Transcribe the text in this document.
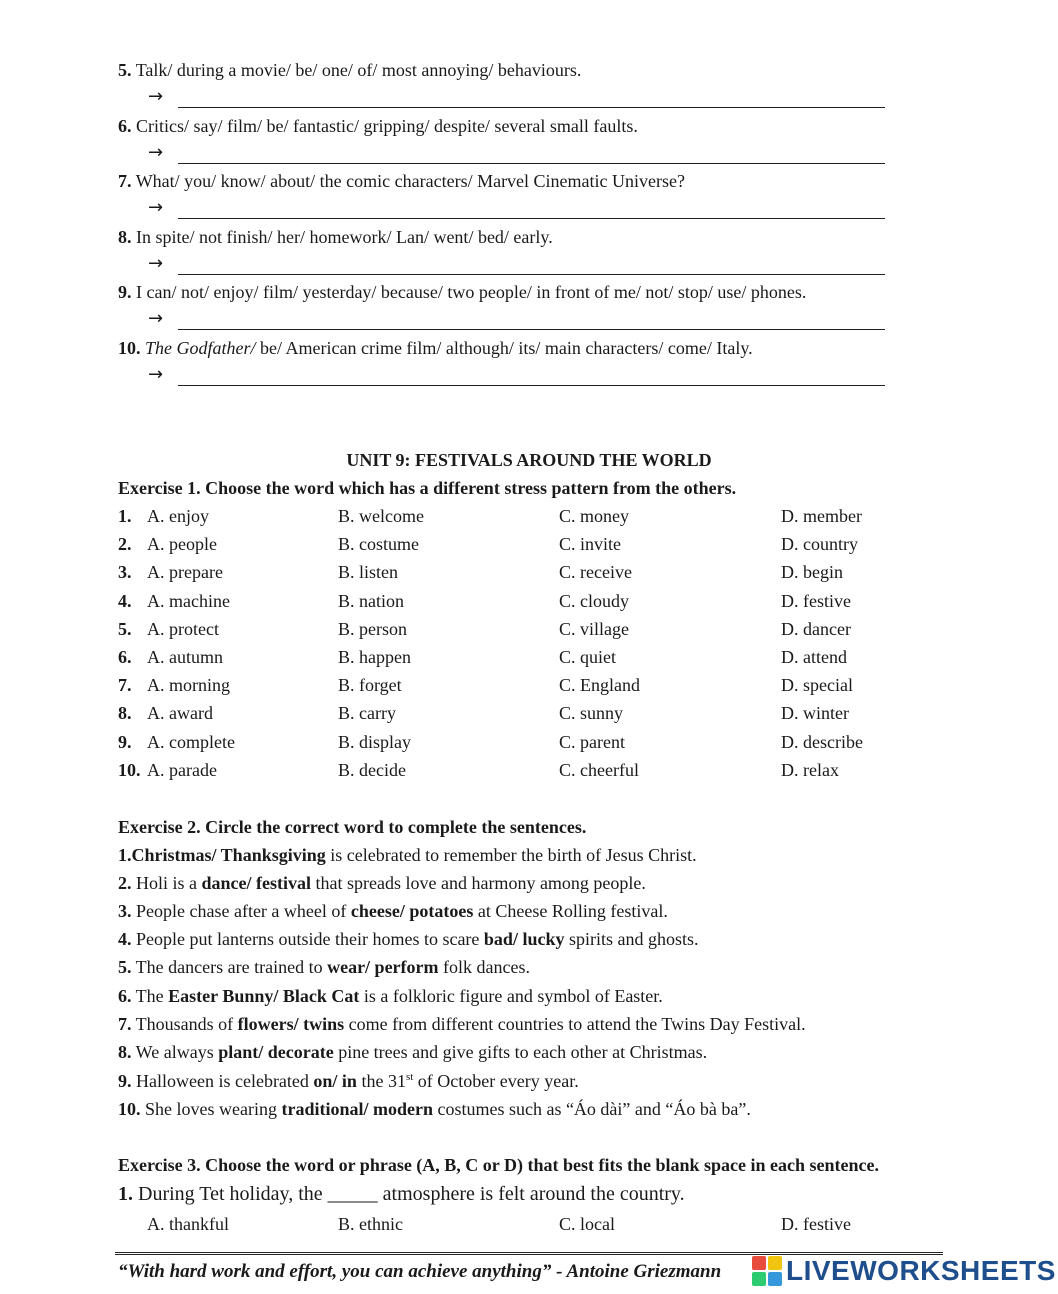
5. Talk/ during a movie/ be/ one/ of/ most annoying/ behaviours.
→
6. Critics/ say/ film/ be/ fantastic/ gripping/ despite/ several small faults.
→
7. What/ you/ know/ about/ the comic characters/ Marvel Cinematic Universe?
→
8. In spite/ not finish/ her/ homework/ Lan/ went/ bed/ early.
→
9. I can/ not/ enjoy/ film/ yesterday/ because/ two people/ in front of me/ not/ stop/ use/ phones.
→
10. The Godfather/ be/ American crime film/ although/ its/ main characters/ come/ Italy.
→
UNIT 9: FESTIVALS AROUND THE WORLD
Exercise 1. Choose the word which has a different stress pattern from the others.
1. A. enjoy	B. welcome	C. money	D. member
2. A. people	B. costume	C. invite	D. country
3. A. prepare	B. listen	C. receive	D. begin
4. A. machine	B. nation	C. cloudy	D. festive
5. A. protect	B. person	C. village	D. dancer
6. A. autumn	B. happen	C. quiet	D. attend
7. A. morning	B. forget	C. England	D. special
8. A. award	B. carry	C. sunny	D. winter
9. A. complete	B. display	C. parent	D. describe
10. A. parade	B. decide	C. cheerful	D. relax
Exercise 2. Circle the correct word to complete the sentences.
1.Christmas/ Thanksgiving is celebrated to remember the birth of Jesus Christ.
2. Holi is a dance/ festival that spreads love and harmony among people.
3. People chase after a wheel of cheese/ potatoes at Cheese Rolling festival.
4. People put lanterns outside their homes to scare bad/ lucky spirits and ghosts.
5. The dancers are trained to wear/ perform folk dances.
6. The Easter Bunny/ Black Cat is a folkloric figure and symbol of Easter.
7. Thousands of flowers/ twins come from different countries to attend the Twins Day Festival.
8. We always plant/ decorate pine trees and give gifts to each other at Christmas.
10. She loves wearing traditional/ modern costumes such as “Áo dài” and “Áo bà ba”.
9. Halloween is celebrated on/ in the 31st of October every year.
Exercise 3. Choose the word or phrase (A, B, C or D) that best fits the blank space in each sentence.
1. During Tet holiday, the _____ atmosphere is felt around the country.
A. thankful	B. ethnic	C. local	D. festive
“With hard work and effort, you can achieve anything” - Antoine Griezmann LIVEWORKSHEETS
